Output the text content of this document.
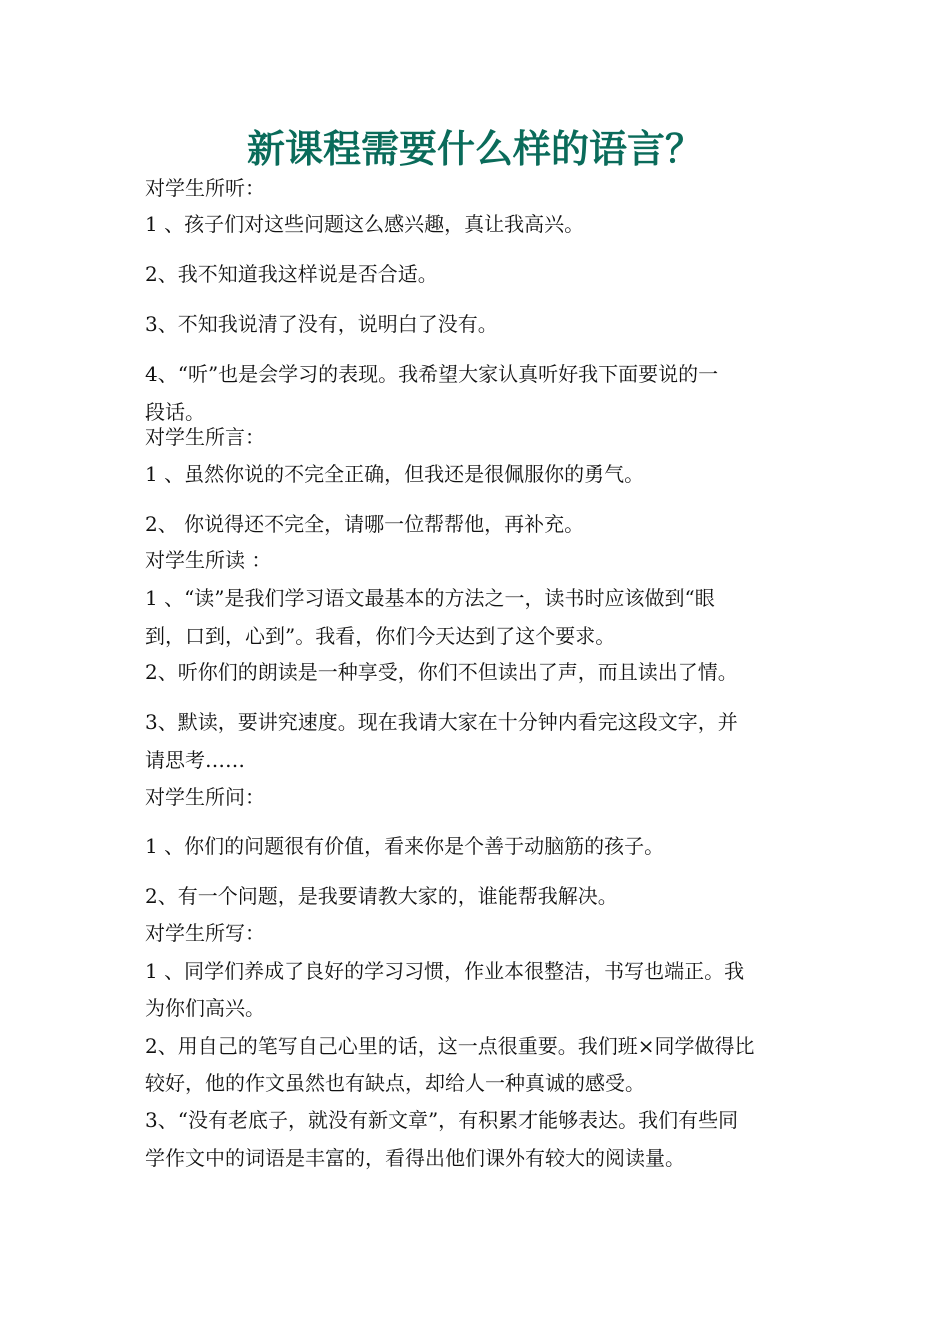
新课程需要什么样的语言？
对学生所听：
1 、孩子们对这些问题这么感兴趣，真让我高兴。
2、我不知道我这样说是否合适。
3、不知我说清了没有，说明白了没有。
4、“听”也是会学习的表现。我希望大家认真听好我下面要说的一
段话。
对学生所言：
1 、虽然你说的不完全正确，但我还是很佩服你的勇气。
2、 你说得还不完全，请哪一位帮帮他，再补充。
对学生所读 ：
1 、“读”是我们学习语文最基本的方法之一，读书时应该做到“眼
到，口到，心到”。我看，你们今天达到了这个要求。
2、听你们的朗读是一种享受，你们不但读出了声，而且读出了情。
3、默读，要讲究速度。现在我请大家在十分钟内看完这段文字，并
请思考……
对学生所问：
1 、你们的问题很有价值，看来你是个善于动脑筋的孩子。
2、有一个问题，是我要请教大家的，谁能帮我解决。
对学生所写：
1 、同学们养成了良好的学习习惯，作业本很整洁，书写也端正。我
为你们高兴。
2、用自己的笔写自己心里的话，这一点很重要。我们班×同学做得比
较好，他的作文虽然也有缺点，却给人一种真诚的感受。
3、“没有老底子，就没有新文章”，有积累才能够表达。我们有些同
学作文中的词语是丰富的，看得出他们课外有较大的阅读量。
